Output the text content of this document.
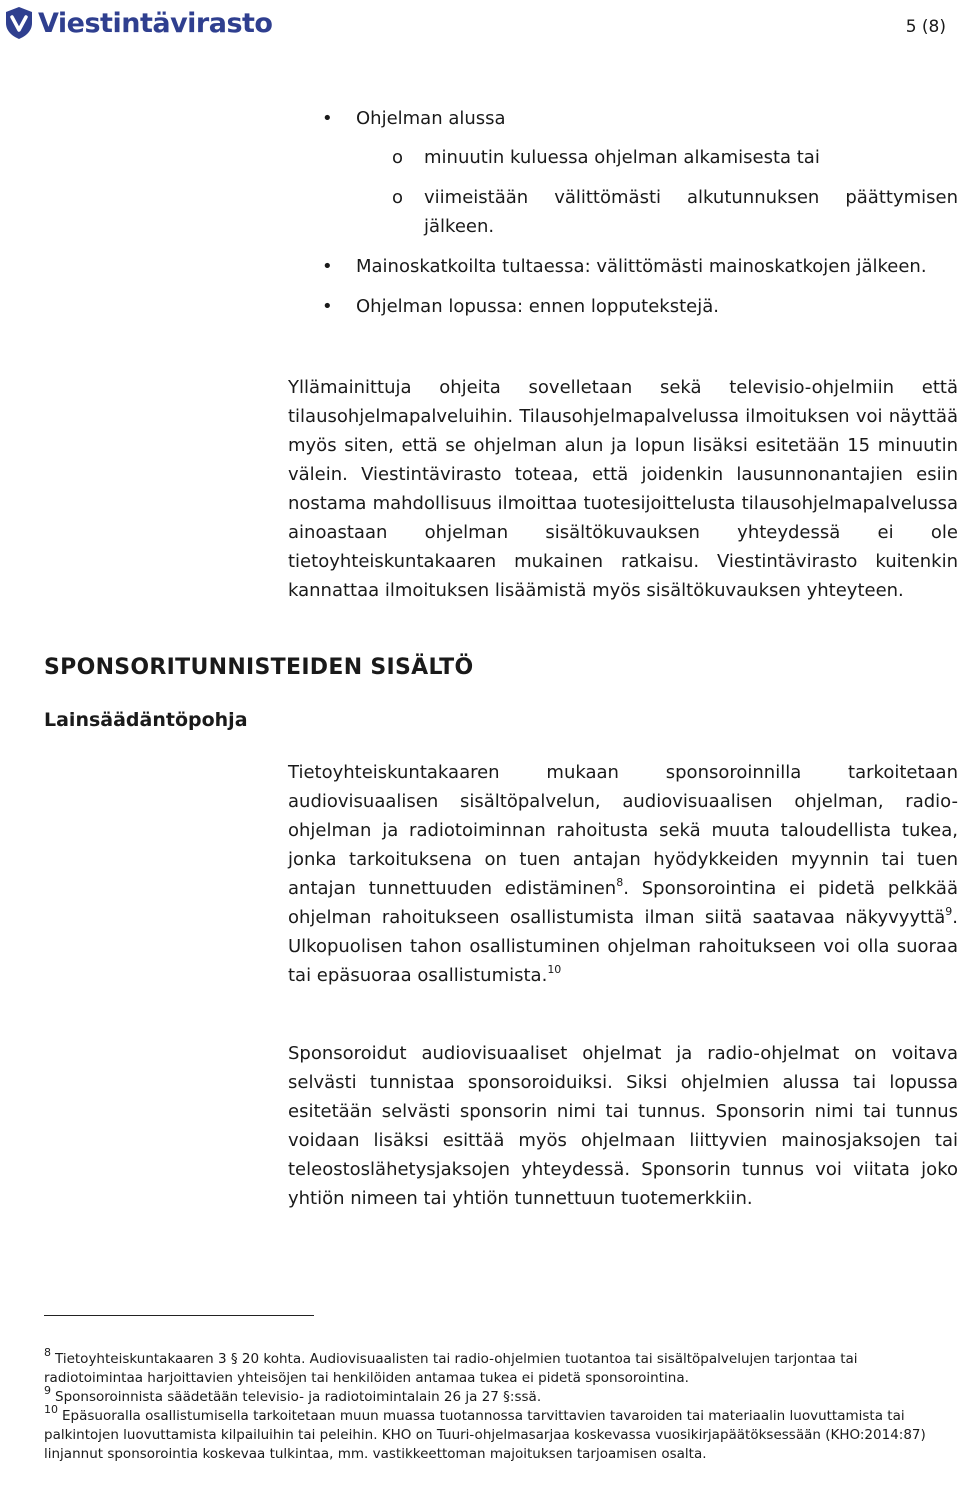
Viestintävirasto	5 (8)
• Ohjelman alussa
o minuutin kuluessa ohjelman alkamisesta tai
o viimeistään välittömästi alkutunnuksen päättymisen jälkeen.
• Mainoskatkoilta tultaessa: välittömästi mainoskatkojen jälkeen.
• Ohjelman lopussa: ennen lopputekstejä.

Yllämainittuja ohjeita sovelletaan sekä televisio-ohjelmiin että tilausohjelmapalveluihin. Tilausohjelmapalvelussa ilmoituksen voi näyttää myös siten, että se ohjelman alun ja lopun lisäksi esitetään 15 minuutin välein. Viestintävirasto toteaa, että joidenkin lausunnonantajien esiin nostama mahdollisuus ilmoittaa tuotesijoittelusta tilausohjelmapalvelussa ainoastaan ohjelman sisältökuvauksen yhteydessä ei ole tietoyhteiskuntakaaren mukainen ratkaisu. Viestintävirasto kuitenkin kannattaa ilmoituksen lisäämistä myös sisältökuvauksen yhteyteen.

SPONSORITUNNISTEIDEN SISÄLTÖ
Lainsäädäntöpohja

Tietoyhteiskuntakaaren mukaan sponsoroinnilla tarkoitetaan audiovisuaalisen sisältöpalvelun, audiovisuaalisen ohjelman, radio-ohjelman ja radiotoiminnan rahoitusta sekä muuta taloudellista tukea, jonka tarkoituksena on tuen antajan hyödykkeiden myynnin tai tuen antajan tunnettuuden edistäminen$^8$. Sponsorointina ei pidetä pelkkää ohjelman rahoitukseen osallistumista ilman siitä saatavaa näkyvyyttä$^9$. Ulkopuolisen tahon osallistuminen ohjelman rahoitukseen voi olla suoraa tai epäsuoraa osallistumista.$^{10}$

Sponsoroidut audiovisuaaliset ohjelmat ja radio-ohjelmat on voitava selvästi tunnistaa sponsoroiduiksi. Siksi ohjelmien alussa tai lopussa esitetään selvästi sponsorin nimi tai tunnus. Sponsorin nimi tai tunnus voidaan lisäksi esittää myös ohjelmaan liittyvien mainosjaksojen tai teleostoslähetysjaksojen yhteydessä. Sponsorin tunnus voi viitata joko yhtiön nimeen tai yhtiön tunnettuun tuotemerkkiin.

$^8$ Tietoyhteiskuntakaaren 3 § 20 kohta. Audiovisuaalisten tai radio-ohjelmien tuotantoa tai sisältöpalvelujen tarjontaa tai radiotoimintaa harjoittavien yhteisöjen tai henkilöiden antamaa tukea ei pidetä sponsorointina.

$^9$ Sponsoroinnista säädetään televisio- ja radiotoimintalain 26 ja 27 §:ssä.

$^{10}$ Epäsuoralla osallistumisella tarkoitetaan muun muassa tuotannossa tarvittavien tavaroiden tai materiaalin luovuttamista tai palkintojen luovuttamista kilpailuihin tai peleihin. KHO on Tuuri-ohjelmasarjaa koskevassa vuosikirjapäätöksessään (KHO:2014:87) linjannut sponsorointia koskevaa tulkintaa, mm. vastikkeettoman majoituksen tarjoamisen osalta.
